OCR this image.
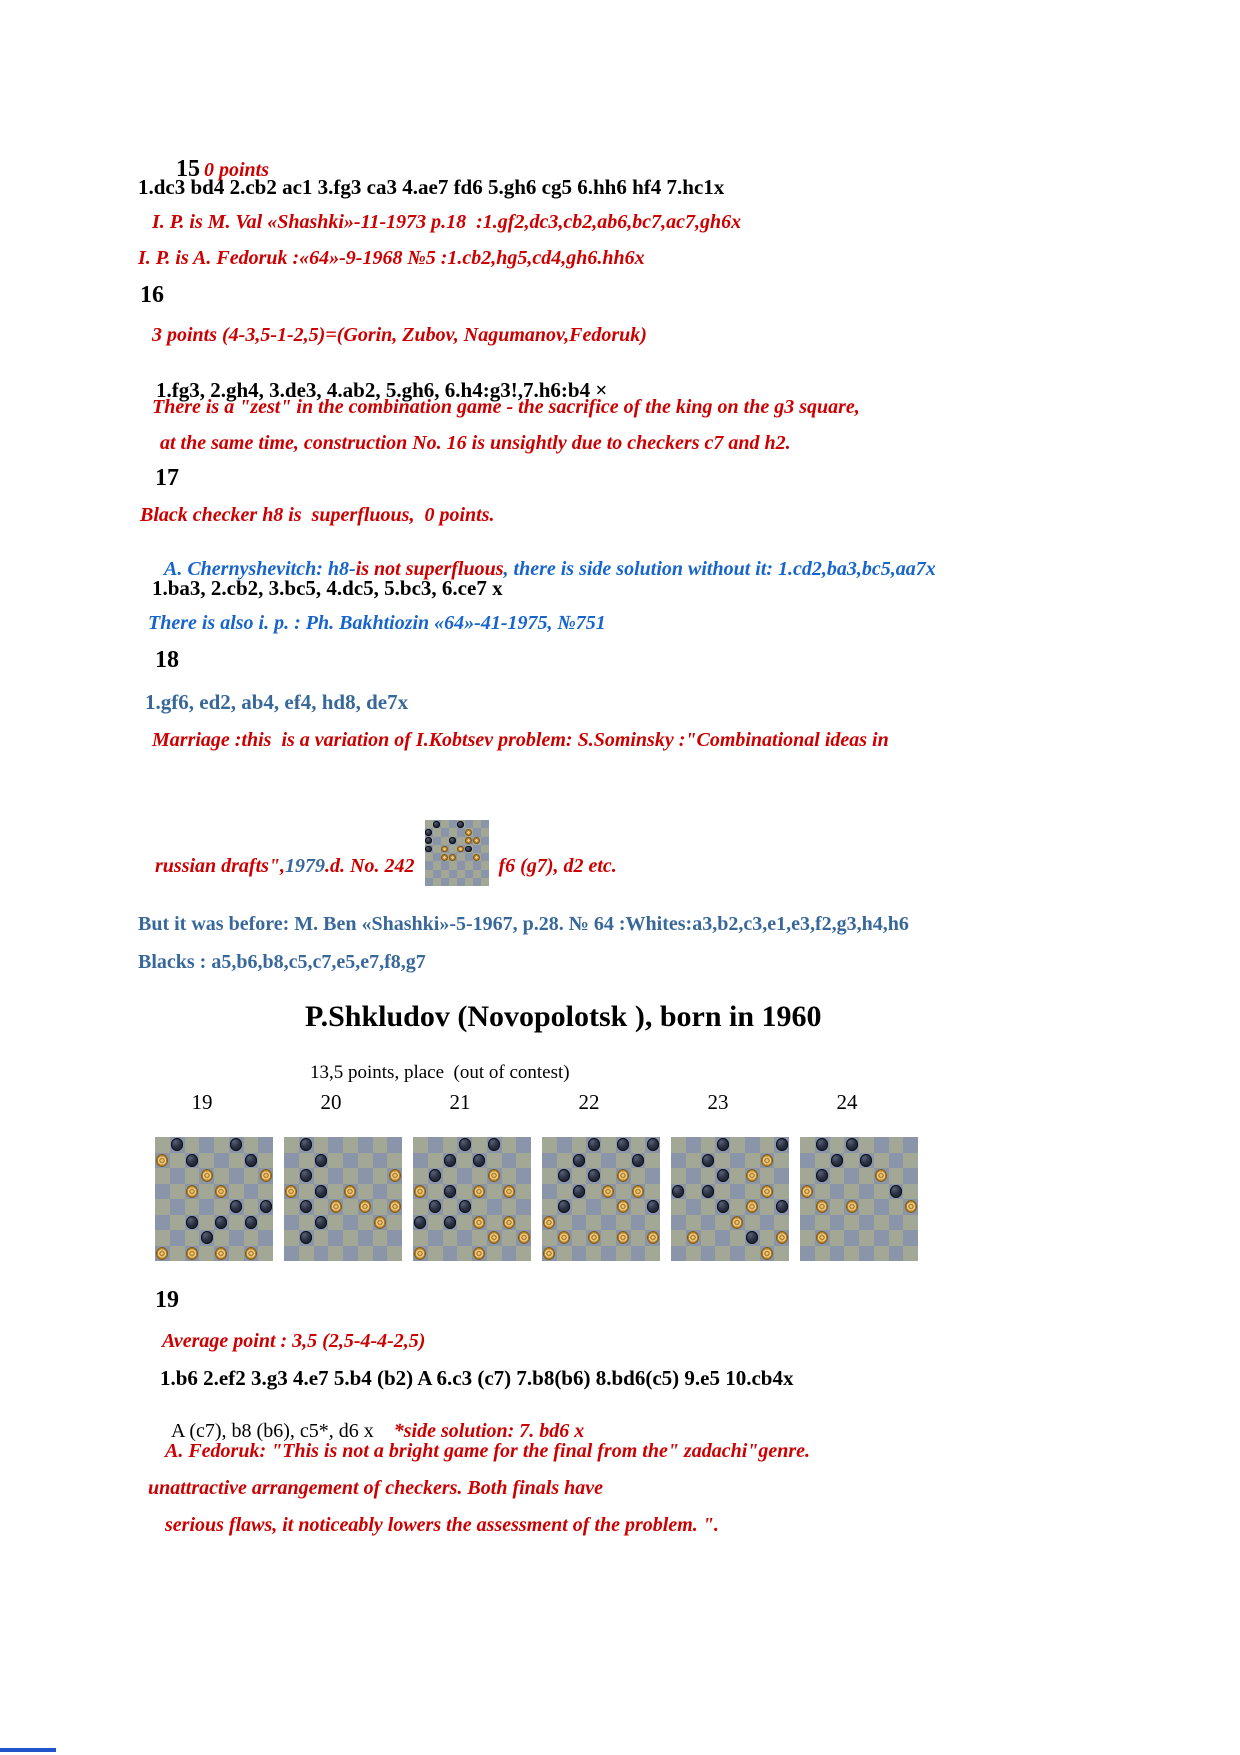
15 0 points

1.dc3 bd4 2.cb2 ac1 3.fg3 ca3 4.ae7 fd6 5.gh6 cg5 6.hh6 hf4 7.hc1x
I. P. is M. Val «Shashki»-11-1973 p.18  :1.gf2,dc3,cb2,ab6,bc7,ac7,gh6x
I. P. is A. Fedoruk :«64»-9-1968 №5 :1.cb2,hg5,cd4,gh6.hh6x
16
3 points (4-3,5-1-2,5)=(Gorin, Zubov, Nagumanov,Fedoruk)

1.fg3, 2.gh4, 3.de3, 4.ab2, 5.gh6, 6.h4:g3!,7.h6:b4 ×

There is a "zest" in the combination game - the sacrifice of the king on the g3 square,
at the same time, construction No. 16 is unsightly due to checkers c7 and h2.
17
Black checker h8 is  superfluous,  0 points.

A. Chernyshevitch: h8-is not superfluous, there is side solution without it: 1.cd2,ba3,bc5,aa7x

1.ba3, 2.cb2, 3.bc5, 4.dc5, 5.bc3, 6.ce7 x
There is also i. p. : Ph. Bakhtiozin «64»-41-1975, №751
18
1.gf6, ed2, ab4, ef4, hd8, de7x
Marriage :this  is a variation of I.Kobtsev problem: S.Sominsky :"Combinational ideas in
russian drafts", 1979 .d. No. 242	f6 (g7), d2 etc.
But it was before: M. Ben «Shashki»-5-1967, p.28. № 64 :Whites:a3,b2,c3,e1,e3,f2,g3,h4,h6
Blacks : a5,b6,b8,c5,c7,e5,e7,f8,g7
P.Shkludov (Novopolotsk ), born in 1960
13,5 points, place  (out of contest)
19	20	21	22	23	24
19
Average point : 3,5 (2,5-4-4-2,5)
1.b6 2.ef2 3.g3 4.e7 5.b4 (b2) A 6.c3 (c7) 7.b8(b6) 8.bd6(c5) 9.e5 10.cb4x

A (c7), b8 (b6), c5*, d6 x    *side solution: 7. bd6 x

A. Fedoruk: "This is not a bright game for the final from the" zadachi"genre.
unattractive arrangement of checkers. Both finals have
serious flaws, it noticeably lowers the assessment of the problem. ".
